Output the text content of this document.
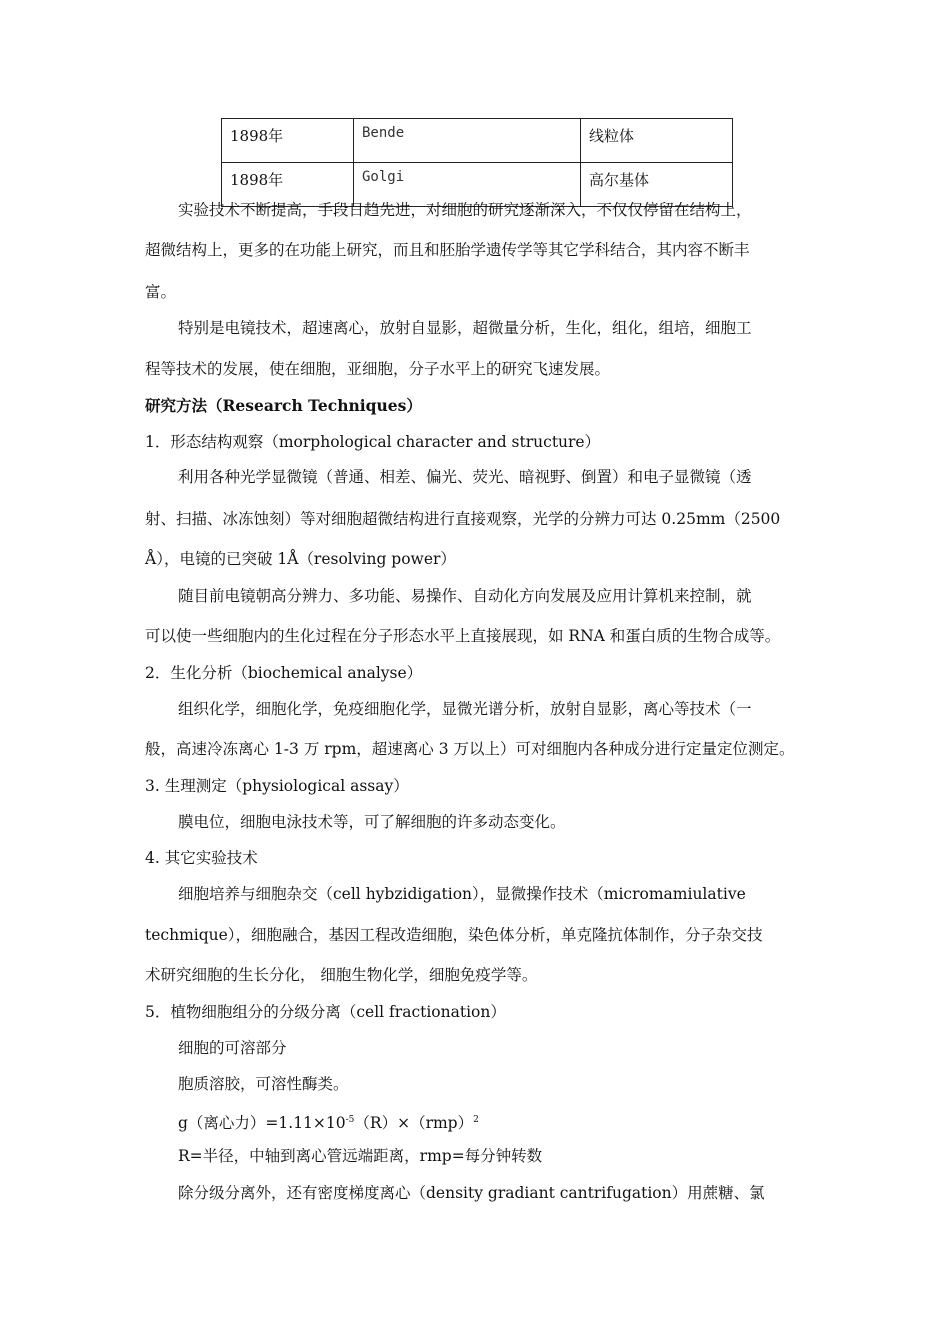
1898年	Bende	线粒体
1898年	Golgi	高尔基体
实验技术不断提高，手段日趋先进，对细胞的研究逐渐深入，不仅仅停留在结构上，
超微结构上，更多的在功能上研究，而且和胚胎学遗传学等其它学科结合，其内容不断丰
富。
特别是电镜技术，超速离心，放射自显影，超微量分析，生化，组化，组培，细胞工
程等技术的发展，使在细胞，亚细胞，分子水平上的研究飞速发展。
研究方法（Research Techniques）
1．形态结构观察（morphological character and structure）
利用各种光学显微镜（普通、相差、偏光、荧光、暗视野、倒置）和电子显微镜（透
射、扫描、冰冻蚀刻）等对细胞超微结构进行直接观察，光学的分辨力可达 0.25mm（2500
Å），电镜的已突破 1Å（resolving power）
随目前电镜朝高分辨力、多功能、易操作、自动化方向发展及应用计算机来控制，就
可以使一些细胞内的生化过程在分子形态水平上直接展现，如 RNA 和蛋白质的生物合成等。
2．生化分析（biochemical analyse）
组织化学，细胞化学，免疫细胞化学，显微光谱分析，放射自显影，离心等技术（一
般，高速冷冻离心 1-3 万 rpm，超速离心 3 万以上）可对细胞内各种成分进行定量定位测定。
3. 生理测定（physiological assay）
膜电位，细胞电泳技术等，可了解细胞的许多动态变化。
4. 其它实验技术
细胞培养与细胞杂交（cell hybzidigation），显微操作技术（micromamiulative
techmique），细胞融合，基因工程改造细胞，染色体分析，单克隆抗体制作，分子杂交技
术研究细胞的生长分化， 细胞生物化学，细胞免疫学等。
5．植物细胞组分的分级分离（cell fractionation）
细胞的可溶部分
胞质溶胶，可溶性酶类。
g（离心力）$=1.11\times 10^{-5}(R)\times(rmp)^2$
R=半径，中轴到离心管远端距离，rmp=每分钟转数
除分级分离外，还有密度梯度离心（density gradiant cantrifugation）用蔗糖、氯
